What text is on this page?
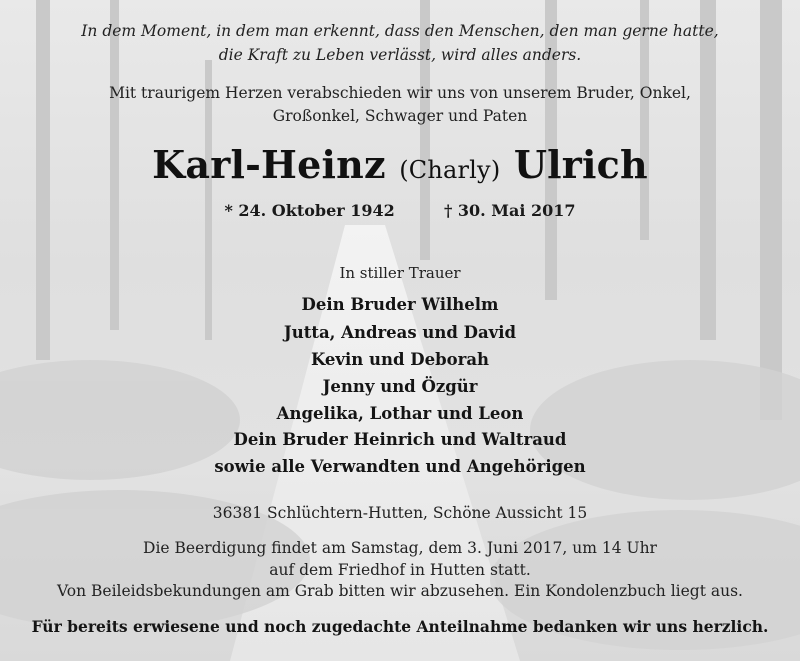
In dem Moment, in dem man erkennt, dass den Menschen, den man gerne hatte,
die Kraft zu Leben verlässt, wird alles anders.
Mit traurigem Herzen verabschieden wir uns von unserem Bruder, Onkel,
Großonkel, Schwager und Paten
Karl-Heinz (Charly) Ulrich
* 24. Oktober 1942	† 30. Mai 2017
In stiller Trauer
Dein Bruder Wilhelm
Jutta, Andreas und David
Kevin und Deborah
Jenny und Özgür
Angelika, Lothar und Leon
Dein Bruder Heinrich und Waltraud
sowie alle Verwandten und Angehörigen
36381 Schlüchtern-Hutten, Schöne Aussicht 15
Die Beerdigung findet am Samstag, dem 3. Juni 2017, um 14 Uhr
auf dem Friedhof in Hutten statt.
Von Beileidsbekundungen am Grab bitten wir abzusehen. Ein Kondolenzbuch liegt aus.
Für bereits erwiesene und noch zugedachte Anteilnahme bedanken wir uns herzlich.
